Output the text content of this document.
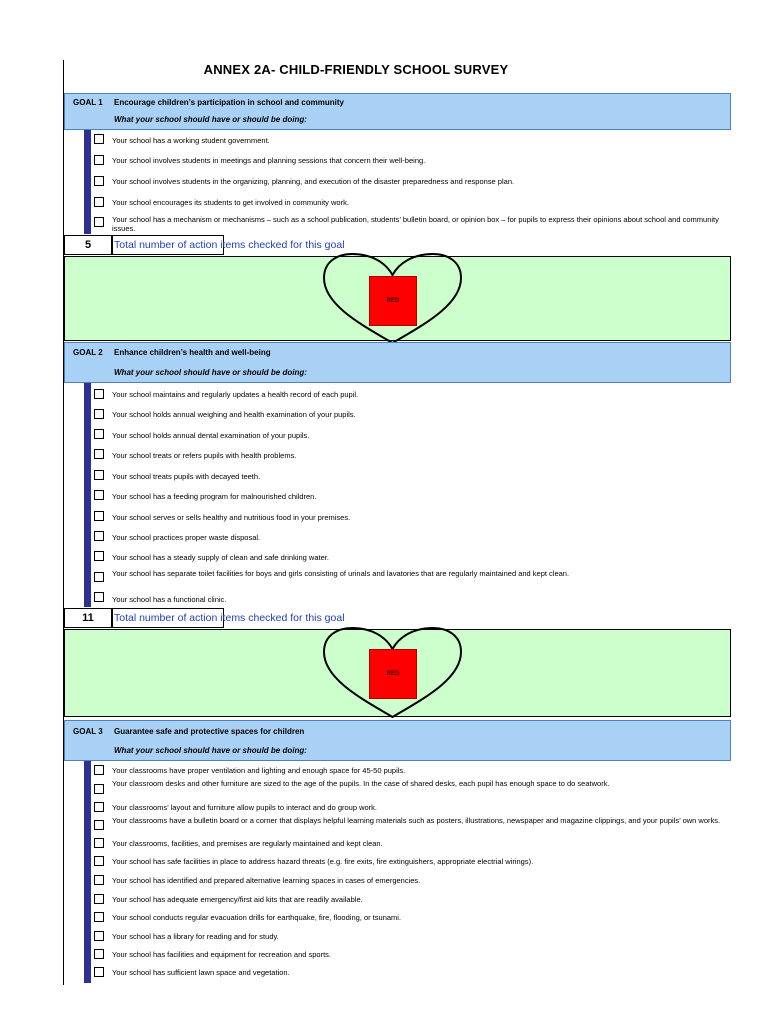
ANNEX 2A- CHILD-FRIENDLY SCHOOL SURVEY
GOAL 1 Encourage children’s participation in school and community
What your school should have or should be doing:
Your school has a working student government.
Your school involves students in meetings and planning sessions that concern their well-being.
Your school involves students in the organizing, planning, and execution of the disaster preparedness and response plan.
Your school encourages its students to get involved in community work.
Your school has a mechanism or mechanisms – such as a school publication, students’ bulletin board, or opinion box – for pupils to express their opinions about school and community issues.
5	Total number of action items checked for this goal
RED
GOAL 2 Enhance children’s health and well-being
What your school should have or should be doing:
Your school maintains and regularly updates a health record of each pupil.
Your school holds annual weighing and health examination of your pupils.
Your school holds annual dental examination of your pupils.
Your school treats or refers pupils with health problems.
Your school treats pupils with decayed teeth.
Your school has a feeding program for malnourished children.
Your school serves or sells healthy and nutritious food in your premises.
Your school practices proper waste disposal.
Your school has a steady supply of clean and safe drinking water.
Your school has separate toilet facilities for boys and girls consisting of urinals and lavatories that are regularly maintained and kept clean.
Your school has a functional clinic.
11	Total number of action items checked for this goal
RED
GOAL 3 Guarantee safe and protective spaces for children
What your school should have or should be doing:
Your classrooms have proper ventilation and lighting and enough space for 45-50 pupils.
Your classroom desks and other furniture are sized to the age of the pupils. In the case of shared desks, each pupil has enough space to do seatwork.
Your classrooms’ layout and furniture allow pupils to interact and do group work.
Your classrooms have a bulletin board or a corner that displays helpful learning materials such as posters, illustrations, newspaper and magazine clippings, and your pupils’ own works.
Your classrooms, facilities, and premises are regularly maintained and kept clean.
Your school has safe facilities in place to address hazard threats (e.g. fire exits, fire extinguishers, appropriate electrial wirings).
Your school has identified and prepared alternative learning spaces in cases of emergencies.
Your school has adequate emergency/first aid kits that are readily available.
Your school conducts regular evacuation drills for earthquake, fire, flooding, or tsunami.
Your school has a library for reading and for study.
Your school has facilities and equipment for recreation and sports.
Your school has sufficient lawn space and vegetation.
